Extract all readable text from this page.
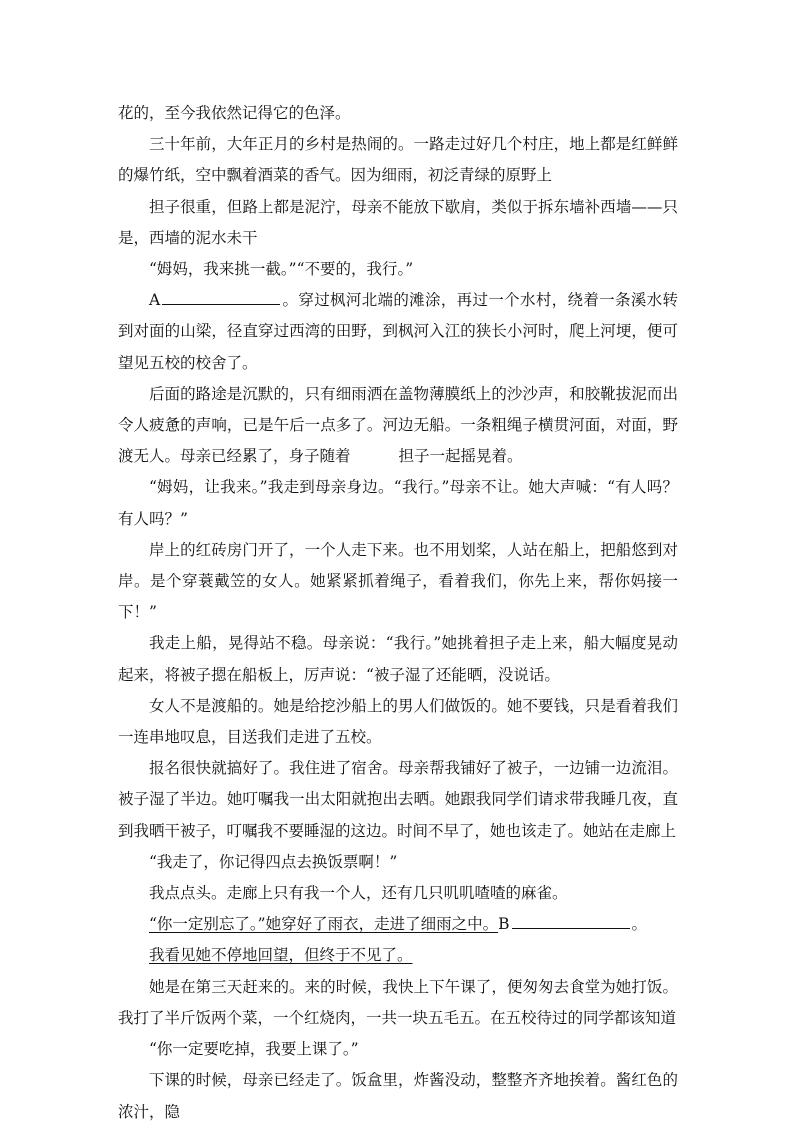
花的，至今我依然记得它的色泽。

三十年前，大年正月的乡村是热闹的。一路走过好几个村庄，地上都是红鲜鲜的爆竹纸，空中飘着酒菜的香气。因为细雨，初泛青绿的原野上

担子很重，但路上都是泥泞，母亲不能放下歇肩，类似于拆东墙补西墙——只是，西墙的泥水未干

“姆妈，我来挑一截。”“不要的，我行。”

A	。穿过枫河北端的滩涂，再过一个水村，绕着一条溪水转到对面的山梁，径直穿过西湾的田野，到枫河入江的狭长小河时，爬上河埂，便可望见五校的校舍了。

后面的路途是沉默的，只有细雨洒在盖物薄膜纸上的沙沙声，和胶靴拔泥而出令人疲惫的声响，已是午后一点多了。河边无船。一条粗绳子横贯河面，对面，野渡无人。母亲已经累了，身子随着	担子一起摇晃着。

“姆妈，让我来。”我走到母亲身边。“我行。”母亲不让。她大声喊：“有人吗？有人吗？”

岸上的红砖房门开了，一个人走下来。也不用划桨，人站在船上，把船悠到对岸。是个穿蓑戴笠的女人。她紧紧抓着绳子，看着我们，你先上来，帮你妈接一下！”

我走上船，晃得站不稳。母亲说：“我行。”她挑着担子走上来，船大幅度晃动起来，将被子摁在船板上，厉声说：“被子湿了还能晒，没说话。

女人不是渡船的。她是给挖沙船上的男人们做饭的。她不要钱，只是看着我们一连串地叹息，目送我们走进了五校。

报名很快就搞好了。我住进了宿舍。母亲帮我铺好了被子，一边铺一边流泪。被子湿了半边。她叮嘱我一出太阳就抱出去晒。她跟我同学们请求带我睡几夜，直到我晒干被子，叮嘱我不要睡湿的这边。时间不早了，她也该走了。她站在走廊上

“我走了，你记得四点去换饭票啊！”

我点点头。走廊上只有我一个人，还有几只叽叽喳喳的麻雀。

“你一定别忘了。”她穿好了雨衣，走进了细雨之中。B	。

我看见她不停地回望，但终于不见了。

她是在第三天赶来的。来的时候，我快上下午课了，便匆匆去食堂为她打饭。我打了半斤饭两个菜，一个红烧肉，一共一块五毛五。在五校待过的同学都该知道

“你一定要吃掉，我要上课了。”

下课的时候，母亲已经走了。饭盒里，炸酱没动，整整齐齐地挨着。酱红色的浓汁，隐
